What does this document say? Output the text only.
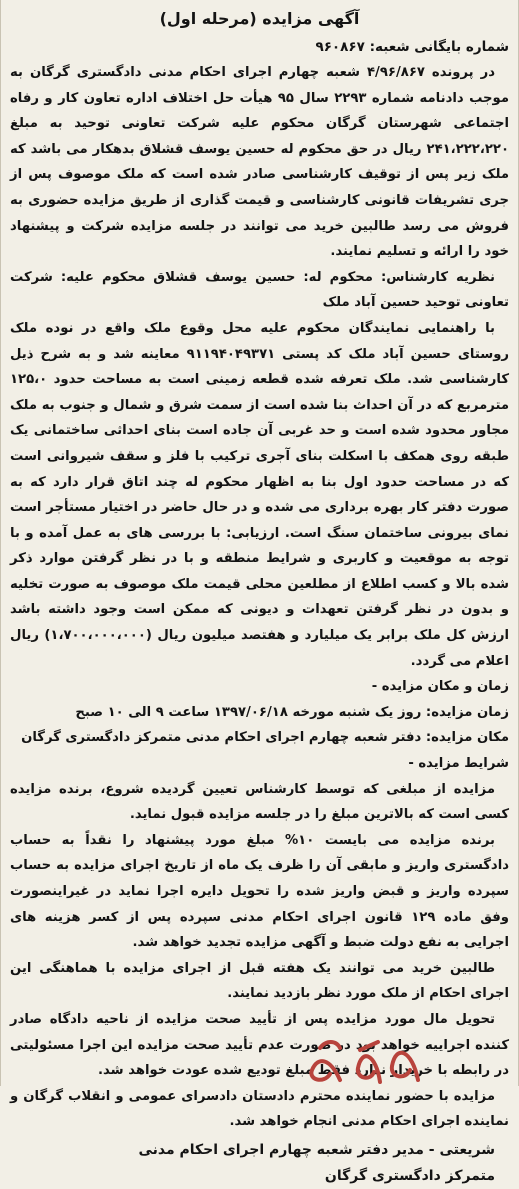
آگهی مزایده (مرحله اول)
شماره بایگانی شعبه: ۹۶۰۸۶۷

در پرونده ۴/۹۶/۸۶۷ شعبه چهارم اجرای احکام مدنی دادگستری گرگان به موجب دادنامه شماره ۲۲۹۳ سال ۹۵ هیأت حل اختلاف اداره تعاون کار و رفاه اجتماعی شهرستان گرگان محکوم علیه شرکت تعاونی توحید به مبلغ ۲۴۱،۲۲۲،۲۲۰ ریال در حق محکوم له حسین یوسف قشلاق بدهکار می باشد که ملک زیر پس از توقیف کارشناسی صادر شده است که ملک موصوف پس از جری تشریفات قانونی کارشناسی و قیمت گذاری از طریق مزایده حضوری به فروش می رسد طالبین خرید می توانند در جلسه مزایده شرکت و پیشنهاد خود را ارائه و تسلیم نمایند.

نظریه کارشناس: محکوم له: حسین یوسف قشلاق محکوم علیه: شرکت تعاونی توحید حسین آباد ملک

با راهنمایی نمایندگان محکوم علیه محل وقوع ملک واقع در نوده ملک روستای حسین آباد ملک کد پستی ۹۱۱۹۴۰۴۹۳۷۱ معاینه شد و به شرح ذیل کارشناسی شد. ملک تعرفه شده قطعه زمینی است به مساحت حدود ۱۲۵،۰ مترمربع که در آن احداث بنا شده است از سمت شرق و شمال و جنوب به ملک مجاور محدود شده است و حد غربی آن جاده است بنای احداثی ساختمانی یک طبقه روی همکف با اسکلت بنای آجری ترکیب با فلز و سقف شیروانی است که در مساحت حدود اول بنا به اظهار محکوم له چند اتاق قرار دارد که به صورت دفتر کار بهره برداری می شده و در حال حاضر در اختیار مستأجر است نمای بیرونی ساختمان سنگ است. ارزیابی: با بررسی های به عمل آمده و با توجه به موقعیت و کاربری و شرایط منطقه و با در نظر گرفتن موارد ذکر شده بالا و کسب اطلاع از مطلعین محلی قیمت ملک موصوف به صورت تخلیه و بدون در نظر گرفتن تعهدات و دیونی که ممکن است وجود داشته باشد ارزش کل ملک برابر یک میلیارد و هفتصد میلیون ریال (۱،۷۰۰،۰۰۰،۰۰۰) ریال اعلام می گردد.

زمان و مکان مزایده -
زمان مزایده: روز یک شنبه مورخه ۱۳۹۷/۰۶/۱۸ ساعت ۹ الی ۱۰ صبح
مکان مزایده: دفتر شعبه چهارم اجرای احکام مدنی متمرکز دادگستری گرگان
شرایط مزایده -

مزایده از مبلغی که توسط کارشناس تعیین گردیده شروع، برنده مزایده کسی است که بالاترین مبلغ را در جلسه مزایده قبول نماید.

برنده مزایده می بایست ۱۰% مبلغ مورد پیشنهاد را نقداً به حساب دادگستری واریز و مابقی آن را ظرف یک ماه از تاریخ اجرای مزایده به حساب سپرده واریز و قبض واریز شده را تحویل دایره اجرا نماید در غیراینصورت وفق ماده ۱۲۹ قانون اجرای احکام مدنی سپرده پس از کسر هزینه های اجرایی به نفع دولت ضبط و آگهی مزایده تجدید خواهد شد.

طالبین خرید می توانند یک هفته قبل از اجرای مزایده با هماهنگی این اجرای احکام از ملک مورد نظر بازدید نمایند.

تحویل مال مورد مزایده پس از تأیید صحت مزایده از ناحیه دادگاه صادر کننده اجراییه خواهد بود در صورت عدم تأیید صحت مزایده این اجرا مسئولیتی در رابطه با خریدار ندارد فقط مبلغ تودیع شده عودت خواهد شد.

مزایده با حضور نماینده محترم دادستان دادسرای عمومی و انقلاب گرگان و نماینده اجرای احکام مدنی انجام خواهد شد.

شریعتی - مدیر دفتر شعبه چهارم اجرای احکام مدنی
متمرکز دادگستری گرگان
